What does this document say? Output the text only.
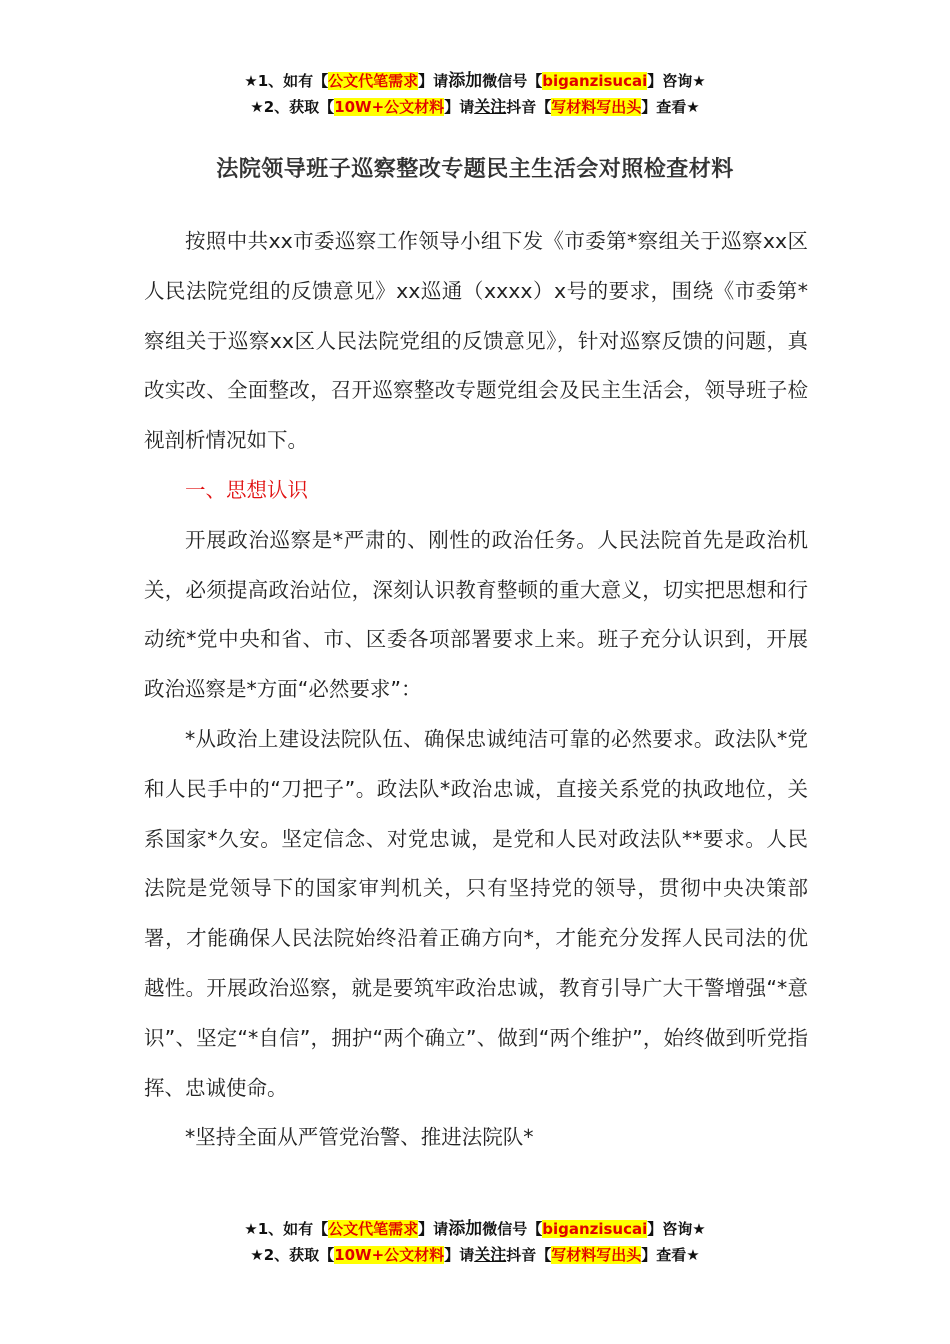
★1、如有【公文代笔需求】请添加微信号【biganzisucai】咨询★
★2、获取【10W+公文材料】请关注抖音【写材料写出头】查看★
法院领导班子巡察整改专题民主生活会对照检查材料

按照中共xx市委巡察工作领导小组下发《市委第*察组关于巡察xx区人民法院党组的反馈意见》xx巡通（xxxx）x号的要求，围绕《市委第*察组关于巡察xx区人民法院党组的反馈意见》，针对巡察反馈的问题，真改实改、全面整改，召开巡察整改专题党组会及民主生活会，领导班子检视剖析情况如下。

一、思想认识

开展政治巡察是*严肃的、刚性的政治任务。人民法院首先是政治机关，必须提高政治站位，深刻认识教育整顿的重大意义，切实把思想和行动统*党中央和省、市、区委各项部署要求上来。班子充分认识到，开展政治巡察是*方面“必然要求”：

*从政治上建设法院队伍、确保忠诚纯洁可靠的必然要求。政法队*党和人民手中的“刀把子”。政法队*政治忠诚，直接关系党的执政地位，关系国家*久安。坚定信念、对党忠诚，是党和人民对政法队**要求。人民法院是党领导下的国家审判机关，只有坚持党的领导，贯彻中央决策部署，才能确保人民法院始终沿着正确方向*，才能充分发挥人民司法的优越性。开展政治巡察，就是要筑牢政治忠诚，教育引导广大干警增强“*意识”、坚定“*自信”，拥护“两个确立”、做到“两个维护”，始终做到听党指挥、忠诚使命。

*坚持全面从严管党治警、推进法院队*

★1、如有【公文代笔需求】请添加微信号【biganzisucai】咨询★
★2、获取【10W+公文材料】请关注抖音【写材料写出头】查看★
